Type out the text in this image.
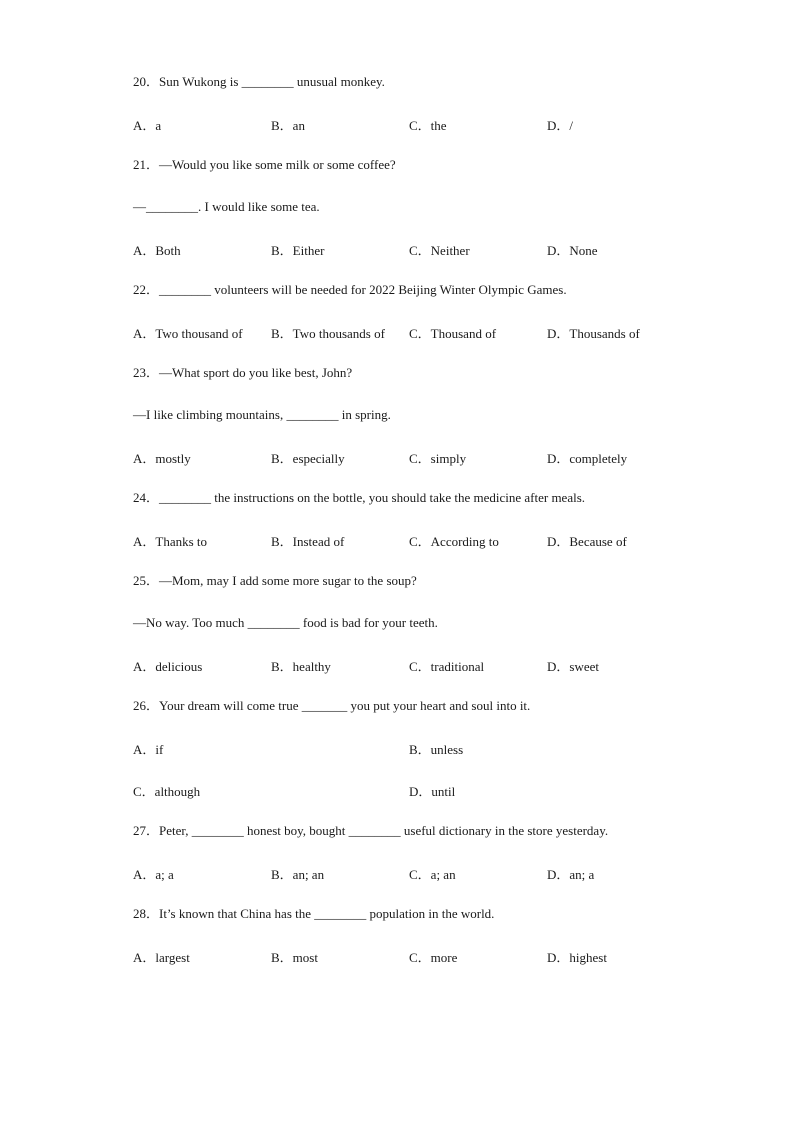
20．Sun Wukong is ________ unusual monkey.
A．a	B．an	C．the	D．/
21．—Would you like some milk or some coffee?
—________. I would like some tea.
A．Both	B．Either	C．Neither	D．None
22．________ volunteers will be needed for 2022 Beijing Winter Olympic Games.
A．Two thousand of B．Two thousands of C．Thousand of	D．Thousands of
23．—What sport do you like best, John?
—I like climbing mountains, ________ in spring.
A．mostly	B．especially	C．simply	D．completely
24．________ the instructions on the bottle, you should take the medicine after meals.
A．Thanks to	B．Instead of	C．According to	D．Because of
25．—Mom, may I add some more sugar to the soup?
—No way. Too much ________ food is bad for your teeth.
A．delicious	B．healthy	C．traditional	D．sweet
26．Your dream will come true _______ you put your heart and soul into it.
A．if	B．unless
C．although	D．until
27．Peter, ________ honest boy, bought ________ useful dictionary in the store yesterday.
A．a; a	B．an; an	C．a; an	D．an; a
28．It’s known that China has the ________ population in the world.
A．largest	B．most	C．more	D．highest
